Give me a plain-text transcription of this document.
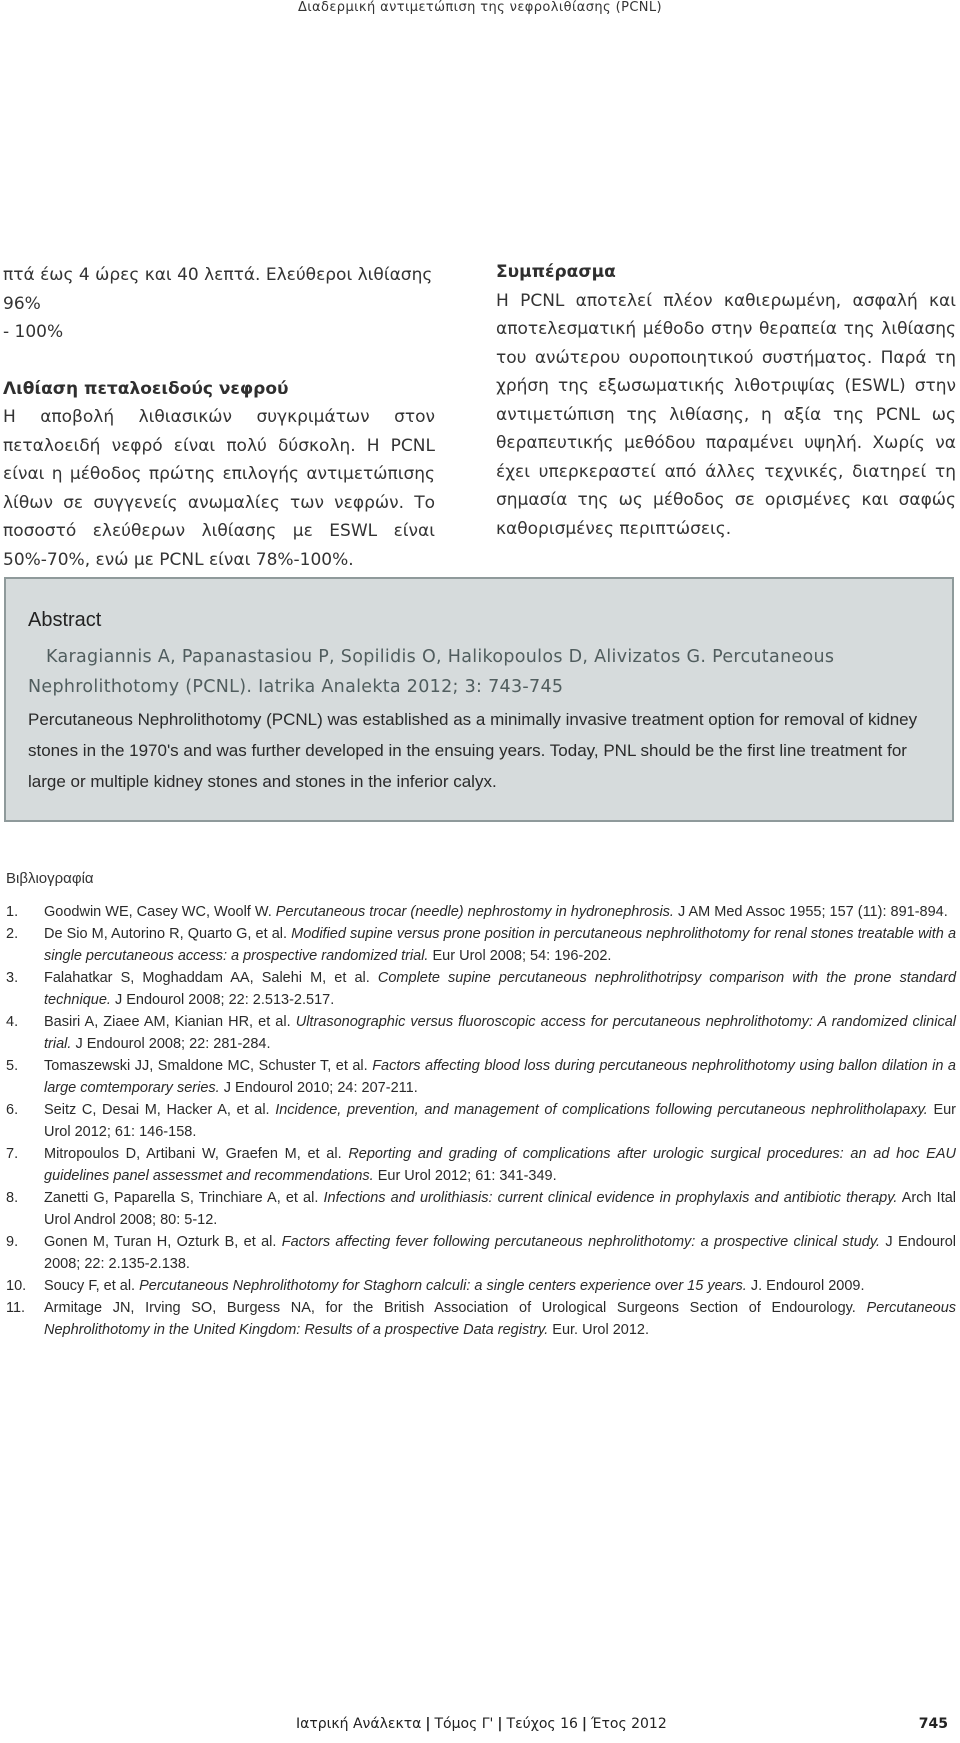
Διαδερμική αντιμετώπιση της νεφρολιθίασης (PCNL)

πτά έως 4 ώρες και 40 λεπτά. Ελεύθεροι λιθίασης 96%

- 100%

Λιθίαση πεταλοειδούς νεφρού

Η αποβολή λιθιασικών συγκριμάτων στον πεταλοειδή νεφρό είναι πολύ δύσκολη. Η PCNL είναι η μέθοδος πρώτης επιλογής αντιμετώπισης λίθων σε συγγενείς ανωμαλίες των νεφρών. Το ποσοστό ελεύθερων λιθίασης με ESWL είναι 50%-70%, ενώ με PCNL είναι 78%-100%.

Συμπέρασμα

Η PCNL αποτελεί πλέον καθιερωμένη, ασφαλή και αποτελεσματική μέθοδο στην θεραπεία της λιθίασης του ανώτερου ουροποιητικού συστήματος. Παρά τη χρήση της εξωσωματικής λιθοτριψίας (ESWL) στην αντιμετώπιση της λιθίασης, η αξία της PCNL ως θεραπευτικής μεθόδου παραμένει υψηλή. Χωρίς να έχει υπερκεραστεί από άλλες τεχνικές, διατηρεί τη σημασία της ως μέθοδος σε ορισμένες και σαφώς καθορισμένες περιπτώσεις.

Abstract

Karagiannis A, Papanastasiou P, Sopilidis O, Halikopoulos D, Alivizatos G. Percutaneous Nephrolithotomy (PCNL). Iatrika Analekta 2012; 3: 743-745

Percutaneous Nephrolithotomy (PCNL) was established as a minimally invasive treatment option for removal of kidney stones in the 1970's and was further developed in the ensuing years. Today, PNL should be the first line treatment for large or multiple kidney stones and stones in the inferior calyx.

Βιβλιογραφία

1. Goodwin WE, Casey WC, Woolf W. Percutaneous trocar (needle) nephrostomy in hydronephrosis. J AM Med Assoc 1955; 157 (11): 891-894.
2. De Sio M, Autorino R, Quarto G, et al. Modified supine versus prone position in percutaneous nephrolithotomy for renal stones treatable with a single percutaneous access: a prospective randomized trial. Eur Urol 2008; 54: 196-202.
3. Falahatkar S, Moghaddam AA, Salehi M, et al. Complete supine percutaneous nephrolithotripsy comparison with the prone standard technique. J Endourol 2008; 22: 2.513-2.517.
4. Basiri A, Ziaee AM, Kianian HR, et al. Ultrasonographic versus fluoroscopic access for percutaneous nephrolithotomy: A randomized clinical trial. J Endourol 2008; 22: 281-284.
5. Tomaszewski JJ, Smaldone MC, Schuster T, et al. Factors affecting blood loss during percutaneous nephrolithotomy using ballon dilation in a large comtemporary series. J Endourol 2010; 24: 207-211.
6. Seitz C, Desai M, Hacker A, et al. Incidence, prevention, and management of complications following percutaneous nephrolitholapaxy. Eur Urol 2012; 61: 146-158.
7. Mitropoulos D, Artibani W, Graefen M, et al. Reporting and grading of complications after urologic surgical procedures: an ad hoc EAU guidelines panel assessmet and recommendations. Eur Urol 2012; 61: 341-349.
8. Zanetti G, Paparella S, Trinchiare A, et al. Infections and urolithiasis: current clinical evidence in prophylaxis and antibiotic therapy. Arch Ital Urol Androl 2008; 80: 5-12.
9. Gonen M, Turan H, Ozturk B, et al. Factors affecting fever following percutaneous nephrolithotomy: a prospective clinical study. J Endourol 2008; 22: 2.135-2.138.
10. Soucy F, et al. Percutaneous Nephrolithotomy for Staghorn calculi: a single centers experience over 15 years. J. Endourol 2009.
11. Armitage JN, Irving SO, Burgess NA, for the British Association of Urological Surgeons Section of Endourology. Percutaneous Nephrolithotomy in the United Kingdom: Results of a prospective Data registry. Eur. Urol 2012.
Ιατρική Ανάλεκτα | Τόμος Γ' | Τεύχος 16 | Έτος 2012	745
